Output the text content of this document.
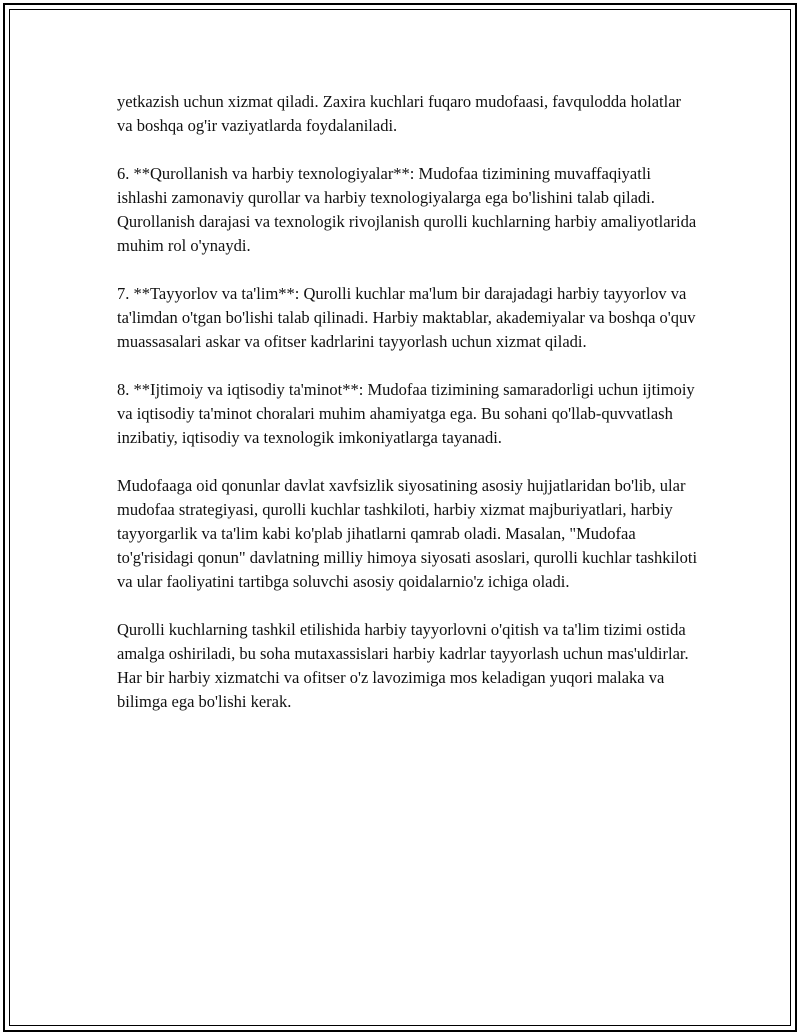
yetkazish uchun xizmat qiladi. Zaxira kuchlari fuqaro mudofaasi, favqulodda holatlar va boshqa og'ir vaziyatlarda foydalaniladi.

6. **Qurollanish va harbiy texnologiyalar**: Mudofaa tizimining muvaffaqiyatli ishlashi zamonaviy qurollar va harbiy texnologiyalarga ega bo'lishini talab qiladi. Qurollanish darajasi va texnologik rivojlanish qurolli kuchlarning harbiy amaliyotlarida muhim rol o'ynaydi.

7. **Tayyorlov va ta'lim**: Qurolli kuchlar ma'lum bir darajadagi harbiy tayyorlov va ta'limdan o'tgan bo'lishi talab qilinadi. Harbiy maktablar, akademiyalar va boshqa o'quv muassasalari askar va ofitser kadrlarini tayyorlash uchun xizmat qiladi.

8. **Ijtimoiy va iqtisodiy ta'minot**: Mudofaa tizimining samaradorligi uchun ijtimoiy va iqtisodiy ta'minot choralari muhim ahamiyatga ega. Bu sohani qo'llab-quvvatlash inzibatiy, iqtisodiy va texnologik imkoniyatlarga tayanadi.

Mudofaaga oid qonunlar davlat xavfsizlik siyosatining asosiy hujjatlaridan bo'lib, ular mudofaa strategiyasi, qurolli kuchlar tashkiloti, harbiy xizmat majburiyatlari, harbiy tayyorgarlik va ta'lim kabi ko'plab jihatlarni qamrab oladi. Masalan, "Mudofaa to'g'risidagi qonun" davlatning milliy himoya siyosati asoslari, qurolli kuchlar tashkiloti va ular faoliyatini tartibga soluvchi asosiy qoidalarnio'z ichiga oladi.

Qurolli kuchlarning tashkil etilishida harbiy tayyorlovni o'qitish va ta'lim tizimi ostida amalga oshiriladi, bu soha mutaxassislari harbiy kadrlar tayyorlash uchun mas'uldirlar. Har bir harbiy xizmatchi va ofitser o'z lavozimiga mos keladigan yuqori malaka va bilimga ega bo'lishi kerak.
